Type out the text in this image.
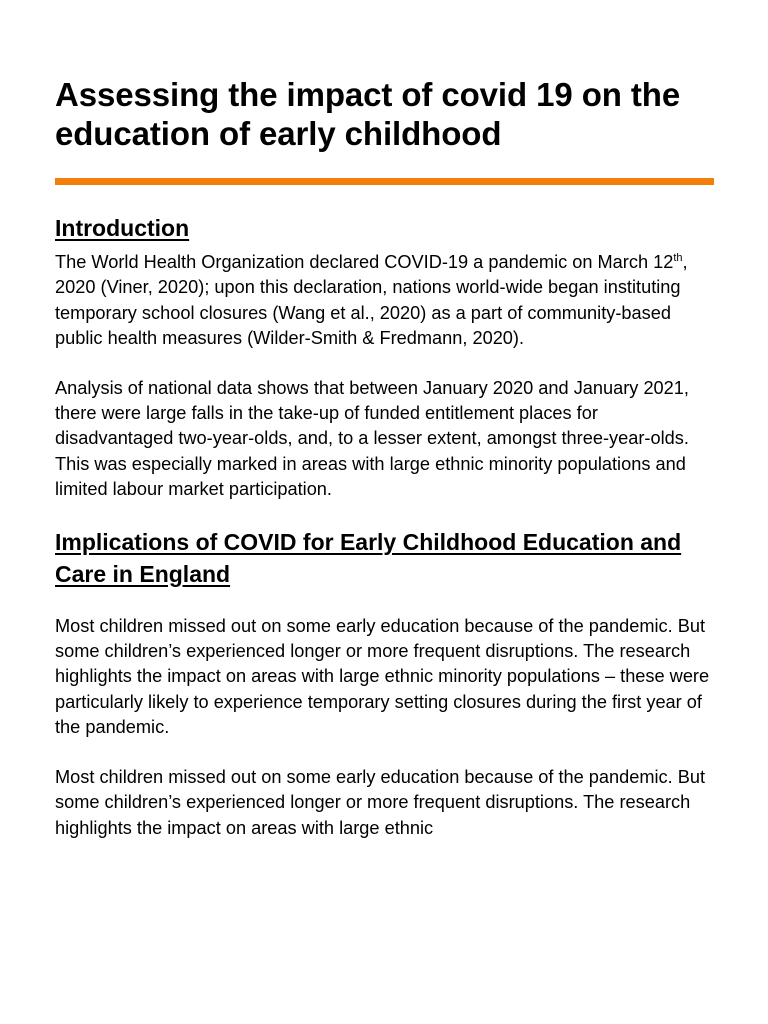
Assessing the impact of covid 19 on the education of early childhood
Introduction

The World Health Organization declared COVID-19 a pandemic on March 12th, 2020 (Viner, 2020); upon this declaration, nations world-wide began instituting temporary school closures (Wang et al., 2020) as a part of community-based public health measures (Wilder-Smith & Fredmann, 2020).

Analysis of national data shows that between January 2020 and January 2021, there were large falls in the take-up of funded entitlement places for disadvantaged two-year-olds, and, to a lesser extent, amongst three-year-olds. This was especially marked in areas with large ethnic minority populations and limited labour market participation.

Implications of COVID for Early Childhood Education and Care in England

Most children missed out on some early education because of the pandemic. But some children’s experienced longer or more frequent disruptions. The research highlights the impact on areas with large ethnic minority populations – these were particularly likely to experience temporary setting closures during the first year of the pandemic.

Most children missed out on some early education because of the pandemic. But some children’s experienced longer or more frequent disruptions. The research highlights the impact on areas with large ethnic
